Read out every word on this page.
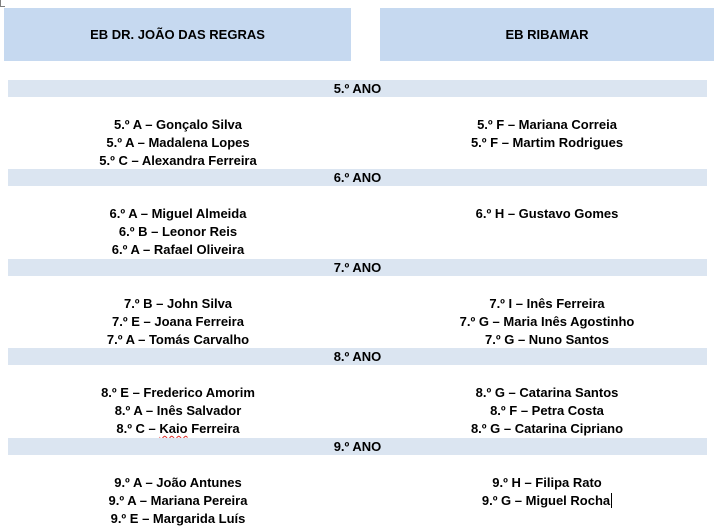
EB DR. JOÃO DAS REGRAS	EB RIBAMAR
5.º ANO
5.º A – Gonçalo Silva
5.º A – Madalena Lopes
5.º C – Alexandra Ferreira
5.º F – Mariana Correia
5.º F – Martim Rodrigues
6.º ANO
6.º A – Miguel Almeida
6.º B – Leonor Reis
6.º A – Rafael Oliveira
6.º H – Gustavo Gomes
7.º ANO
7.º B – John Silva
7.º E – Joana Ferreira
7.º A – Tomás Carvalho
7.º I – Inês Ferreira
7.º G – Maria Inês Agostinho
7.º G – Nuno Santos
8.º ANO
8.º E – Frederico Amorim
8.º A – Inês Salvador
8.º C – Kaio Ferreira
8.º G – Catarina Santos
8.º F – Petra Costa
8.º G – Catarina Cipriano
9.º ANO
9.º A – João Antunes
9.º A – Mariana Pereira
9.º E – Margarida Luís
9.º H – Filipa Rato
9.º G – Miguel Rocha
